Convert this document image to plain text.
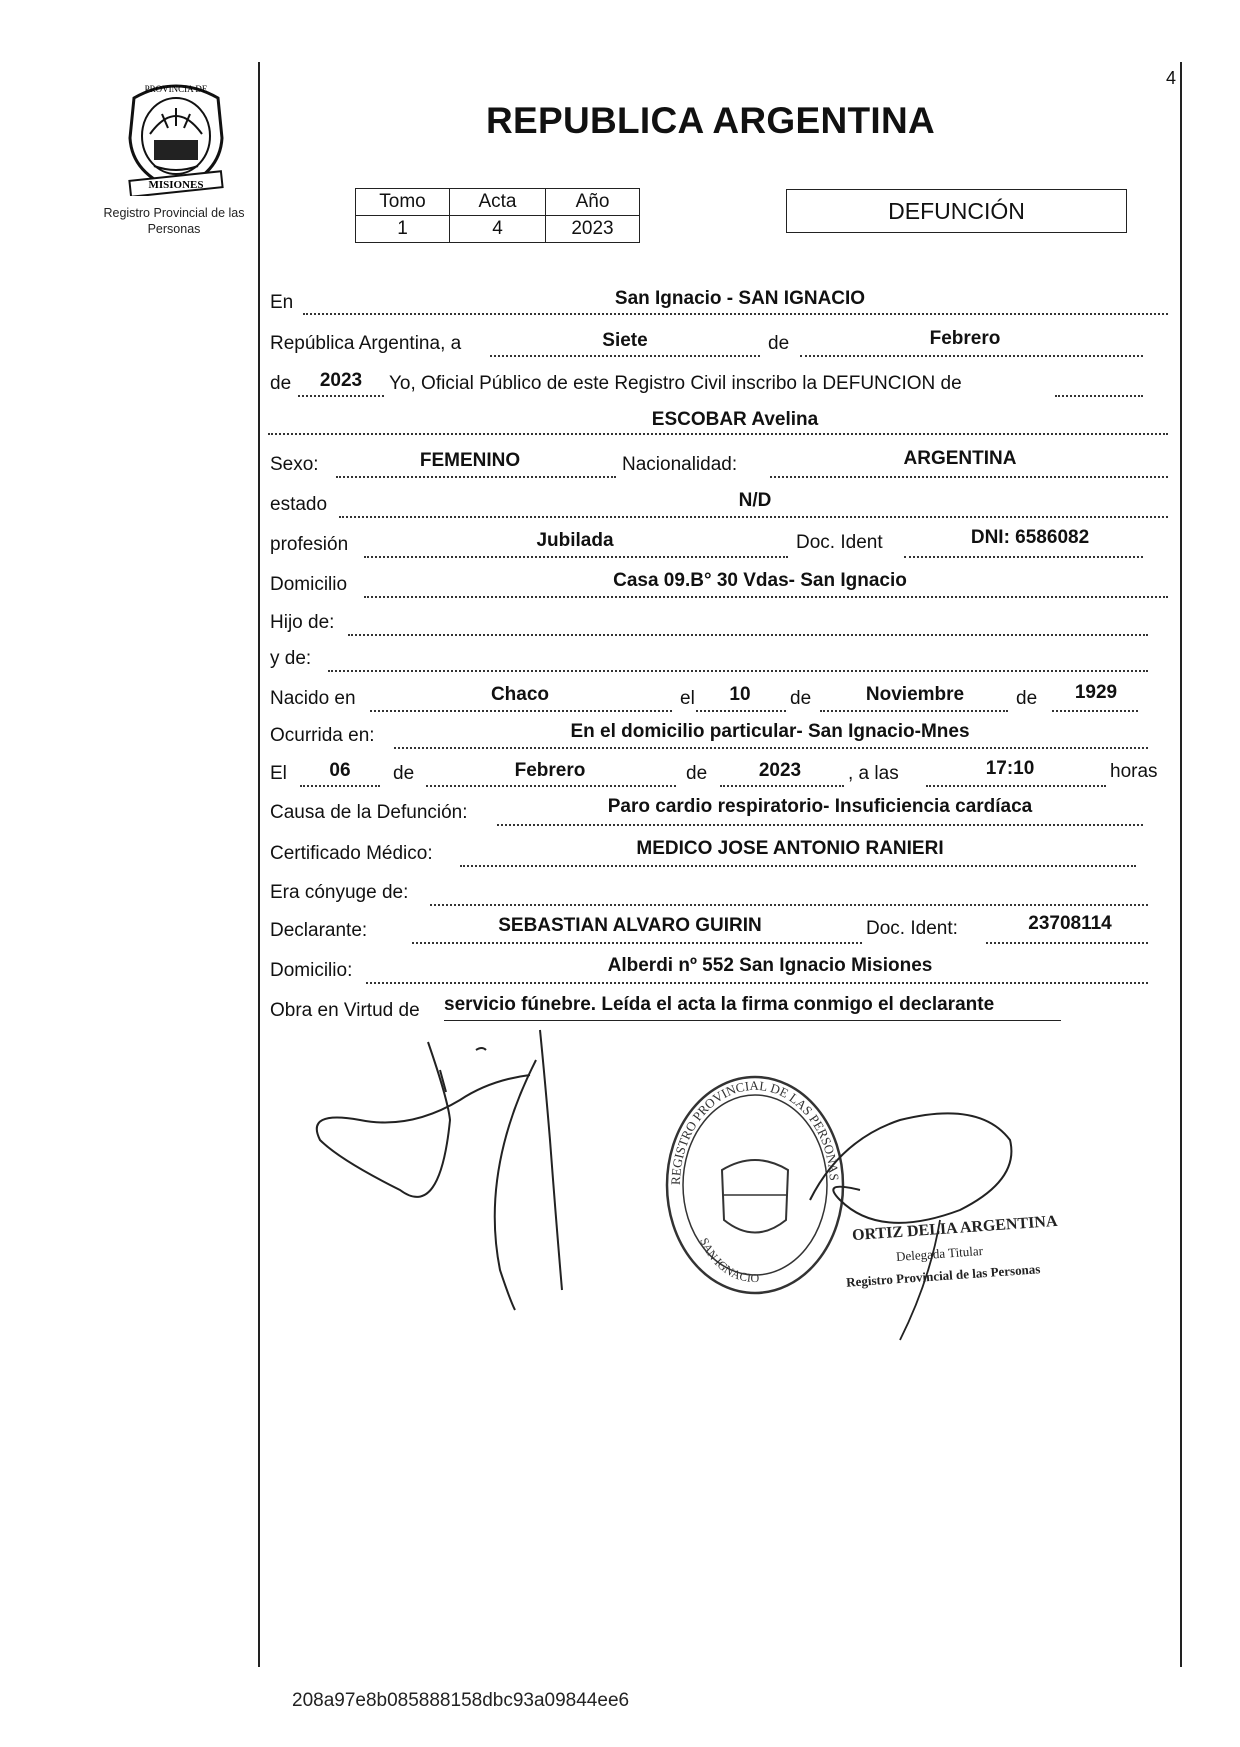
MISIONES
PROVINCIA DE
Registro Provincial de las Personas
4
REPUBLICA ARGENTINA
Tomo	Acta	Año
1	4	2023
DEFUNCIÓN
En	San Ignacio - SAN IGNACIO
República Argentina, a	Siete	de	Febrero
de	2023	Yo, Oficial Público de este Registro Civil inscribo la DEFUNCION de
ESCOBAR Avelina
Sexo:	FEMENINO	Nacionalidad:	ARGENTINA
estado	N/D
profesión	Jubilada	Doc. Ident	DNI: 6586082
Domicilio	Casa 09.B° 30 Vdas- San Ignacio
Hijo de:
y de:
Nacido en	Chaco	el	10	de	Noviembre	de	1929
Ocurrida en:	En el domicilio particular- San Ignacio-Mnes
El	06	de	Febrero	de	2023	, a las	17:10	horas
Causa de la Defunción:	Paro cardio respiratorio- Insuficiencia cardíaca
Certificado Médico:	MEDICO JOSE ANTONIO RANIERI
Era cónyuge de:
Declarante:	SEBASTIAN ALVARO GUIRIN	Doc. Ident:	23708114
Domicilio:	Alberdi nº 552 San Ignacio Misiones
Obra en Virtud de servicio fúnebre. Leída el acta la firma conmigo el declarante
REGISTRO PROVINCIAL DE LAS PERSONAS
SAN IGNACIO
ORTIZ DELIA ARGENTINA
Delegada Titular
Registro Provincial de las Personas
208a97e8b085888158dbc93a09844ee6
